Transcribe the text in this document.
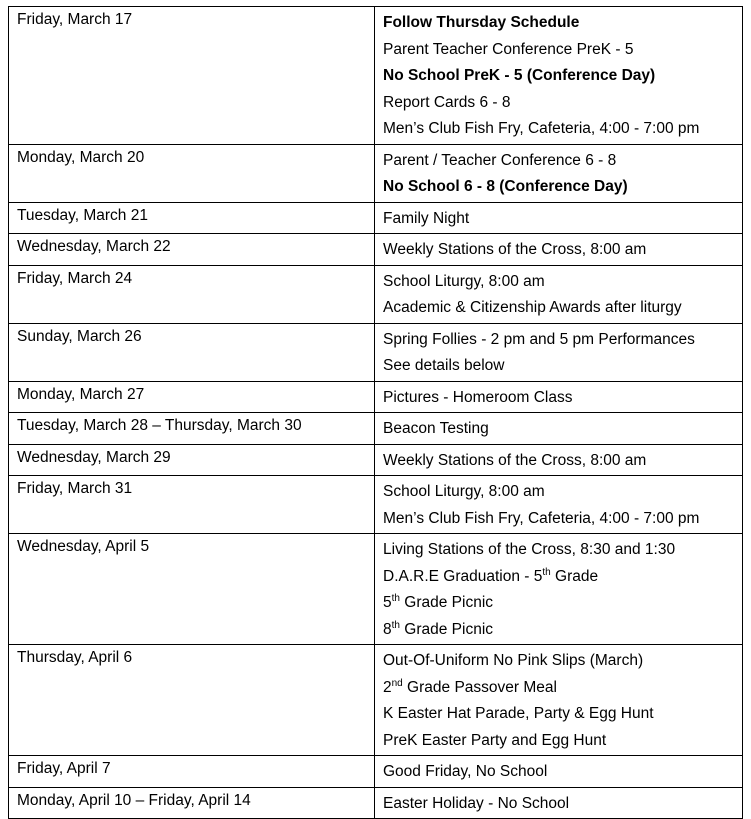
Friday, March 17	Follow Thursday Schedule
Parent Teacher Conference PreK - 5
No School PreK - 5 (Conference Day)
Report Cards 6 - 8
Men’s Club Fish Fry, Cafeteria, 4:00 - 7:00 pm

Monday, March 20	Parent / Teacher Conference 6 - 8
No School 6 - 8 (Conference Day)

Tuesday, March 21	Family Night

Wednesday, March 22	Weekly Stations of the Cross, 8:00 am

Friday, March 24	School Liturgy, 8:00 am
Academic & Citizenship Awards after liturgy

Sunday, March 26	Spring Follies - 2 pm and 5 pm Performances
See details below

Monday, March 27	Pictures - Homeroom Class

Tuesday, March 28 – Thursday, March 30	Beacon Testing

Wednesday, March 29	Weekly Stations of the Cross, 8:00 am

Friday, March 31	School Liturgy, 8:00 am
Men’s Club Fish Fry, Cafeteria, 4:00 - 7:00 pm

Wednesday, April 5	Living Stations of the Cross, 8:30 and 1:30
D.A.R.E Graduation - 5th Grade
5th Grade Picnic
8th Grade Picnic

Thursday, April 6	Out-Of-Uniform No Pink Slips (March)
2nd Grade Passover Meal
K Easter Hat Parade, Party & Egg Hunt
PreK Easter Party and Egg Hunt

Friday, April 7	Good Friday, No School

Monday, April 10 – Friday, April 14	Easter Holiday - No School
